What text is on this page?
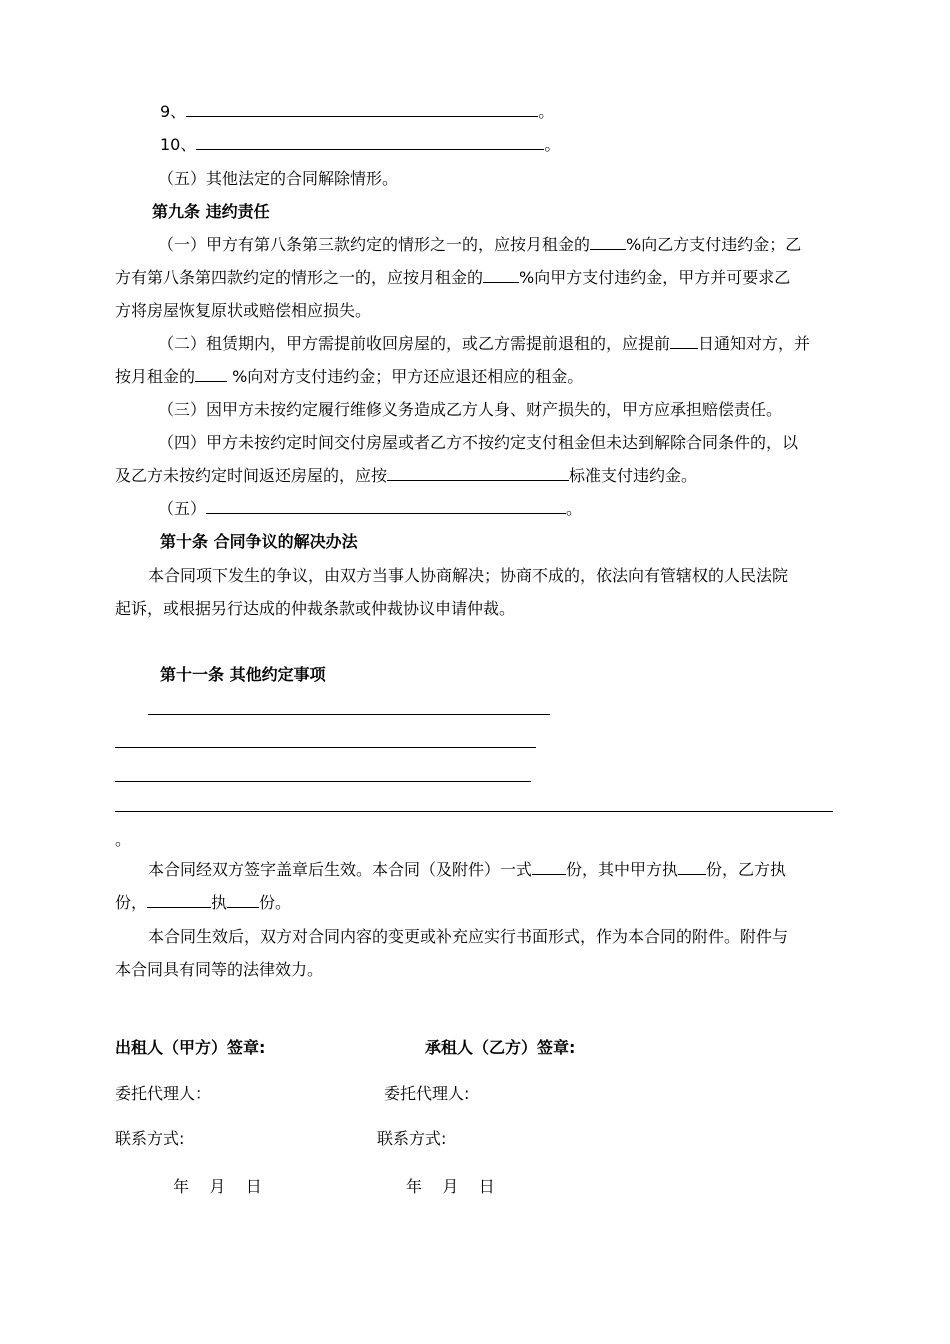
9、	。
10、	。
（五）其他法定的合同解除情形。
第九条 违约责任
（一）甲方有第八条第三款约定的情形之一的，应按月租金的 %向乙方支付违约金；乙
方有第八条第四款约定的情形之一的，应按月租金的 %向甲方支付违约金，甲方并可要求乙
方将房屋恢复原状或赔偿相应损失。
（二）租赁期内，甲方需提前收回房屋的，或乙方需提前退租的，应提前 日通知对方，并
按月租金的 %向对方支付违约金；甲方还应退还相应的租金。
（三）因甲方未按约定履行维修义务造成乙方人身、财产损失的，甲方应承担赔偿责任。
（四）甲方未按约定时间交付房屋或者乙方不按约定支付租金但未达到解除合同条件的，以
及乙方未按约定时间返还房屋的，应按	标准支付违约金。
（五）	。
第十条 合同争议的解决办法
本合同项下发生的争议，由双方当事人协商解决；协商不成的，依法向有管辖权的人民法院
起诉，或根据另行达成的仲裁条款或仲裁协议申请仲裁。
第十一条 其他约定事项
。
本合同经双方签字盖章后生效。本合同（及附件）一式 份，其中甲方执 份，乙方执
份，	执 份。
本合同生效后，双方对合同内容的变更或补充应实行书面形式，作为本合同的附件。附件与
本合同具有同等的法律效力。
出租人（甲方）签章:	承租人（乙方）签章:
委托代理人：	委托代理人:
联系方式:	联系方式:
年    月    日	年    月    日
